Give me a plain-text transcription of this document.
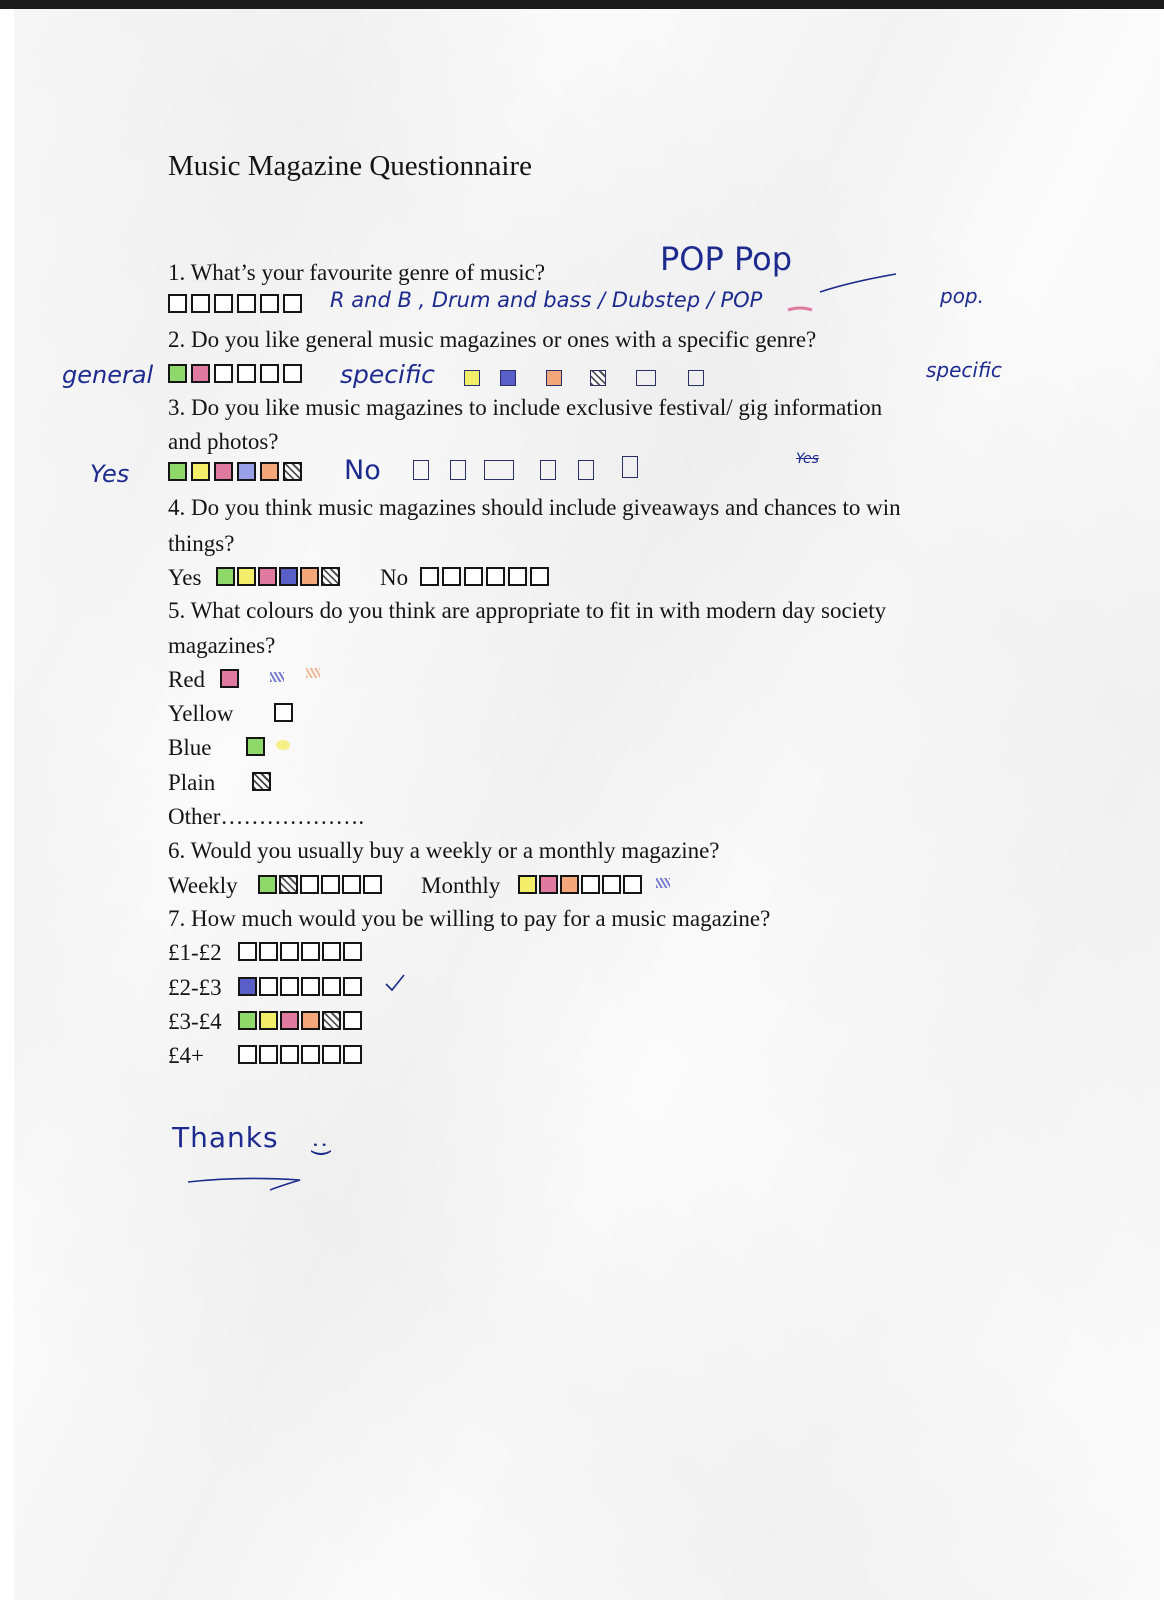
Music Magazine Questionnaire
1. What’s your favourite genre of music?	POP Pop
R and B , Drum and bass / Dubstep / POP	pop.
2. Do you like general music magazines or ones with a specific genre?
general	specific	specific
3. Do you like music magazines to include exclusive festival/ gig information
and photos?
Yes	No	Yes
4. Do you think music magazines should include giveaways and chances to win
things?
Yes	No
5. What colours do you think are appropriate to fit in with modern day society
magazines?
Red
Yellow
Blue
Plain
Other……………….
6. Would you usually buy a weekly or a monthly magazine?
Weekly	Monthly
7. How much would you be willing to pay for a music magazine?
£1-£2
£2-£3
£3-£4
£4+
Thanks :)
